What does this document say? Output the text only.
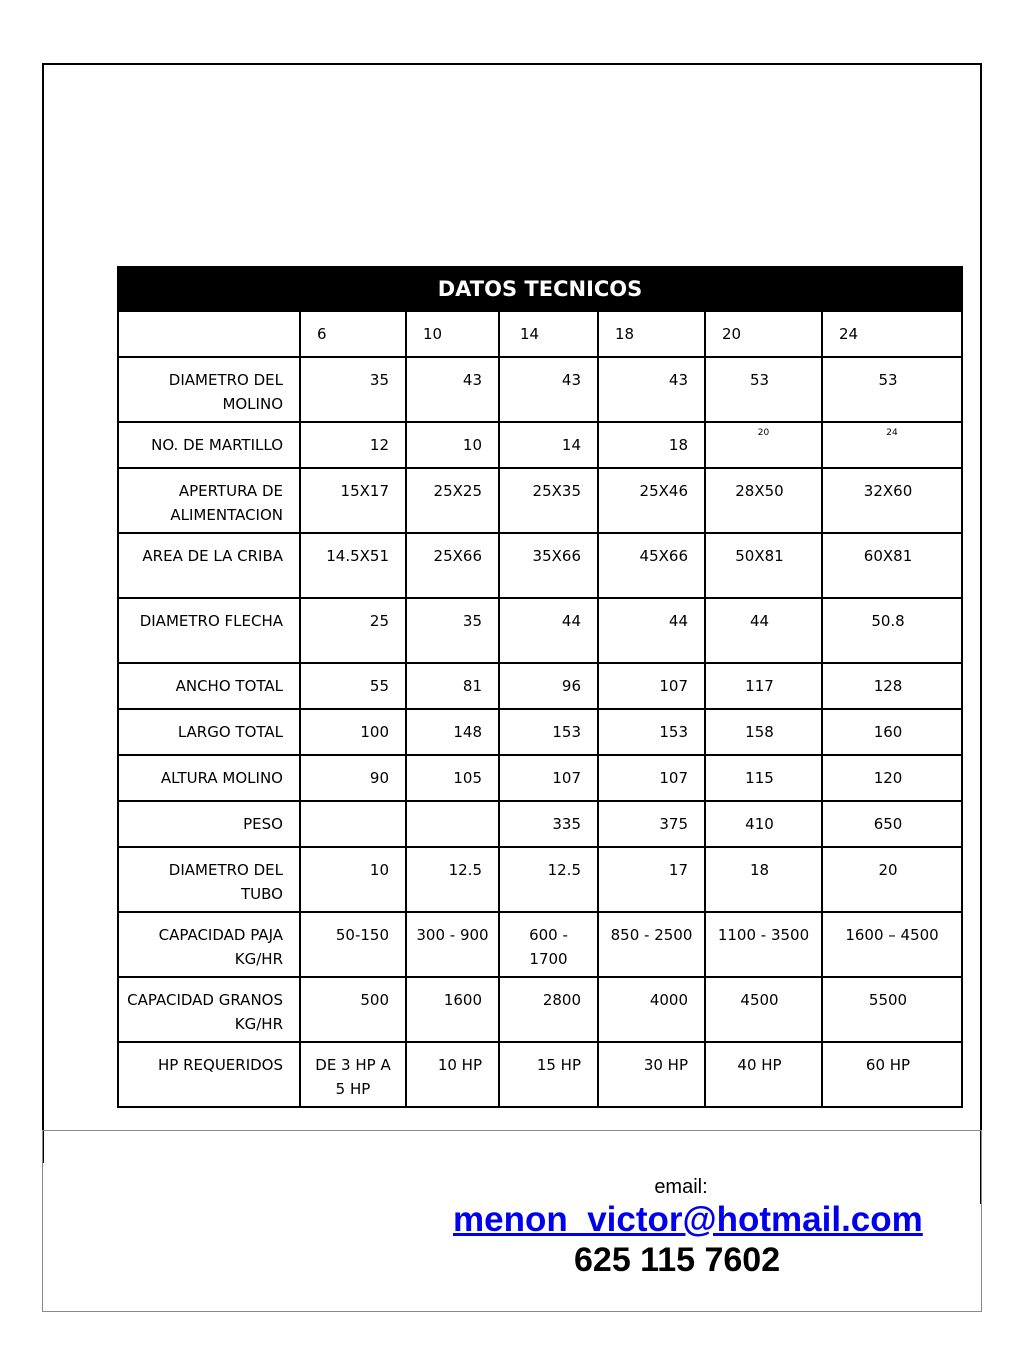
DATOS TECNICOS						
	6	10	14	18	20	24
DIAMETRO DEL MOLINO	35	43	43	43	53	53
NO. DE MARTILLO	12	10	14	18	20	24
APERTURA DE ALIMENTACION	15X17	25X25	25X35	25X46	28X50	32X60
AREA DE LA CRIBA	14.5X51	25X66	35X66	45X66	50X81	60X81
DIAMETRO FLECHA	25	35	44	44	44	50.8
ANCHO TOTAL	55	81	96	107	117	128
LARGO TOTAL	100	148	153	153	158	160
ALTURA MOLINO	90	105	107	107	115	120
PESO			335	375	410	650
DIAMETRO DEL TUBO	10	12.5	12.5	17	18	20
CAPACIDAD PAJA KG/HR	50-150	300 - 900	600 - 1700	850 - 2500	1100 - 3500	1600 – 4500
CAPACIDAD GRANOS KG/HR	500	1600	2800	4000	4500	5500
HP REQUERIDOS	DE 3 HP A 5 HP	10 HP	15 HP	30 HP	40 HP	60 HP
email:
menon_victor@hotmail.com
625 115 7602
